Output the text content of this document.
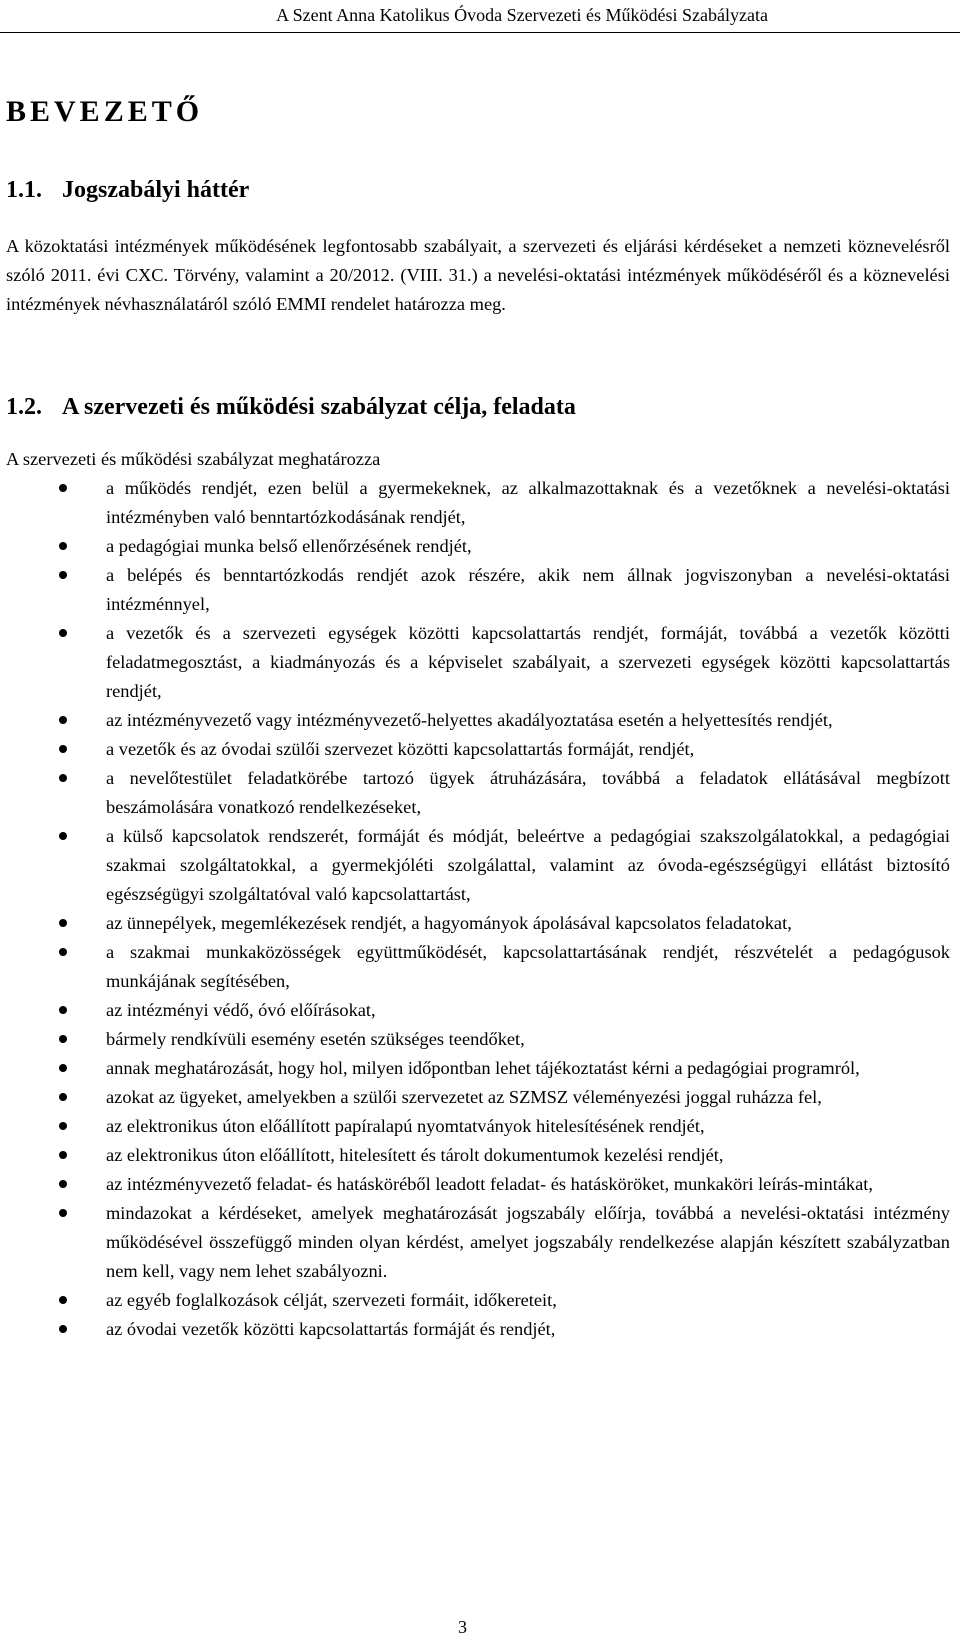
A Szent Anna Katolikus Óvoda Szervezeti és Működési Szabályzata
BEVEZETŐ
1.1. Jogszabályi háttér

A közoktatási intézmények működésének legfontosabb szabályait, a szervezeti és eljárási kérdéseket a nemzeti köznevelésről szóló 2011. évi CXC. Törvény, valamint a 20/2012. (VIII. 31.) a nevelési-oktatási intézmények működéséről és a köznevelési intézmények névhasználatáról szóló EMMI rendelet határozza meg.

1.2. A szervezeti és működési szabályzat célja, feladata

A szervezeti és működési szabályzat meghatározza

a működés rendjét, ezen belül a gyermekeknek, az alkalmazottaknak és a vezetőknek a nevelési-oktatási intézményben való benntartózkodásának rendjét,
a pedagógiai munka belső ellenőrzésének rendjét,
a belépés és benntartózkodás rendjét azok részére, akik nem állnak jogviszonyban a nevelési-oktatási intézménnyel,
a vezetők és a szervezeti egységek közötti kapcsolattartás rendjét, formáját, továbbá a vezetők közötti feladatmegosztást, a kiadmányozás és a képviselet szabályait, a szervezeti egységek közötti kapcsolattartás rendjét,
az intézményvezető vagy intézményvezető-helyettes akadályoztatása esetén a helyettesítés rendjét,
a vezetők és az óvodai szülői szervezet közötti kapcsolattartás formáját, rendjét,
a nevelőtestület feladatkörébe tartozó ügyek átruházására, továbbá a feladatok ellátásával megbízott beszámolására vonatkozó rendelkezéseket,
a külső kapcsolatok rendszerét, formáját és módját, beleértve a pedagógiai szakszolgálatokkal, a pedagógiai szakmai szolgáltatokkal, a gyermekjóléti szolgálattal, valamint az óvoda-egészségügyi ellátást biztosító egészségügyi szolgáltatóval való kapcsolattartást,
az ünnepélyek, megemlékezések rendjét, a hagyományok ápolásával kapcsolatos feladatokat,
a szakmai munkaközösségek együttműködését, kapcsolattartásának rendjét, részvételét a pedagógusok munkájának segítésében,
az intézményi védő, óvó előírásokat,
bármely rendkívüli esemény esetén szükséges teendőket,
annak meghatározását, hogy hol, milyen időpontban lehet tájékoztatást kérni a pedagógiai programról,
azokat az ügyeket, amelyekben a szülői szervezetet az SZMSZ véleményezési joggal ruházza fel,
az elektronikus úton előállított papíralapú nyomtatványok hitelesítésének rendjét,
az elektronikus úton előállított, hitelesített és tárolt dokumentumok kezelési rendjét,
az intézményvezető feladat- és hatásköréből leadott feladat- és hatásköröket, munkaköri leírás-mintákat,
mindazokat a kérdéseket, amelyek meghatározását jogszabály előírja, továbbá a nevelési-oktatási intézmény működésével összefüggő minden olyan kérdést, amelyet jogszabály rendelkezése alapján készített szabályzatban nem kell, vagy nem lehet szabályozni.
az egyéb foglalkozások célját, szervezeti formáit, időkereteit,
az óvodai vezetők közötti kapcsolattartás formáját és rendjét,
3
